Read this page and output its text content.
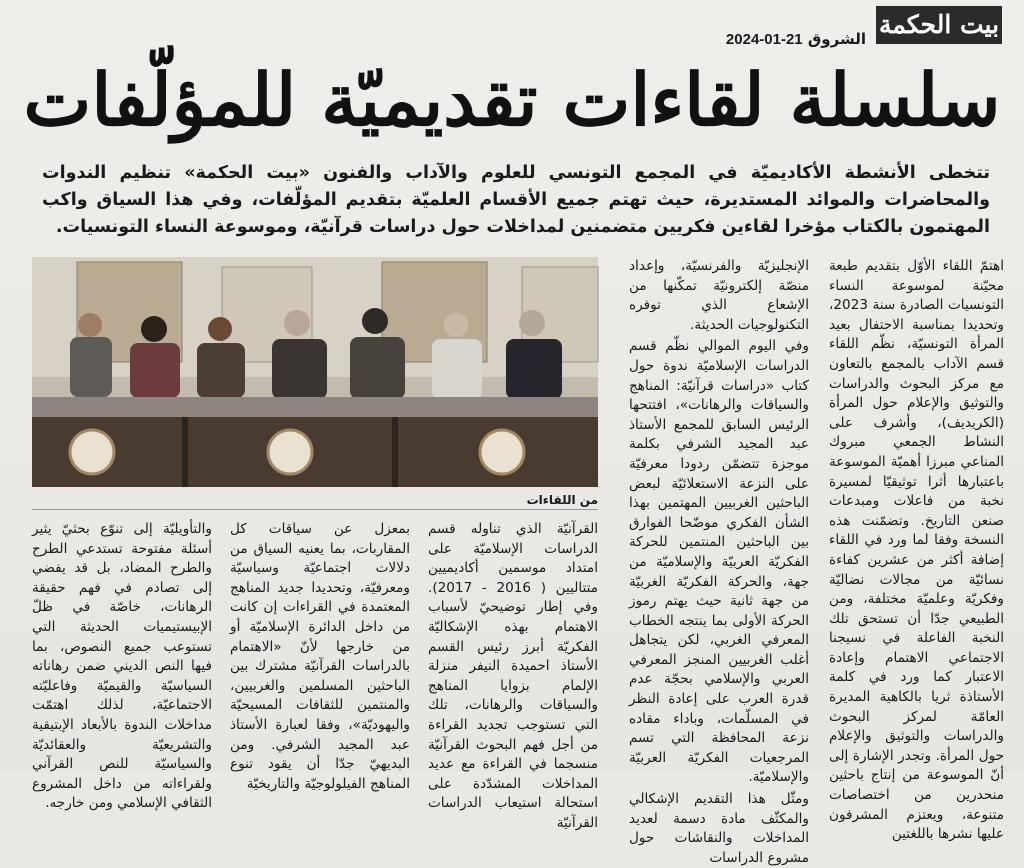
بيت الحكمة
الشروق 2024-01-21
سلسلة لقاءات تقديميّة للمؤلّفات
تتخطى الأنشطة الأكاديميّة في المجمع التونسي للعلوم والآداب والفنون «بيت الحكمة» تنظيم الندوات والمحاضرات والموائد المستديرة، حيث تهتم جميع الأقسام العلميّة بتقديم المؤلّفات، وفي هذا السياق واكب المهتمون بالكتاب مؤخرا لقاءين فكريين متضمنين لمداخلات حول دراسات قرآنيّة، وموسوعة النساء التونسيات.
من اللقاءات

اهتمّ اللقاء الأوّل بتقديم طبعة محيّنة لموسوعة النساء التونسيات الصادرة سنة 2023، وتحديدا بمناسبة الاحتفال بعيد المرأة التونسيّة، نظّم اللقاء قسم الآداب بالمجمع بالتعاون مع مركز البحوث والدراسات والتوثيق والإعلام حول المرأة (الكريديف)، وأشرف على النشاط الجمعي مبروك المناعي مبرزا أهميّة الموسوعة باعتبارها أثرا توثيقيّا لمسيرة نخبة من فاعلات ومبدعات صنعن التاريخ. وتضمّنت هذه النسخة وفقا لما ورد في اللقاء إضافة أكثر من عشرين كفاءة نسائيّة من مجالات نضاليّة وفكريّة وعلميّة مختلفة، ومن الطبيعي جدّا أن تستحق تلك النخبة الفاعلة في نسيجنا الاجتماعي الاهتمام وإعادة الاعتبار كما ورد في كلمة الأستاذة ثريا بالكاهية المديرة العامّة لمركز البحوث والدراسات والتوثيق والإعلام حول المرأة. وتجدر الإشارة إلى أنّ الموسوعة من إنتاج باحثين منحدرين من اختصاصات متنوعة، ويعتزم المشرفون عليها نشرها باللغتين

الإنجليزيّة والفرنسيّة، وإعداد منصّة إلكترونيّة تمكّنها من الإشعاع الذي توفره التكنولوجيات الحديثة.

وفي اليوم الموالي نظّم قسم الدراسات الإسلاميّة ندوة حول كتاب «دراسات قرآنيّة: المناهج والسياقات والرهانات»، افتتحها الرئيس السابق للمجمع الأستاذ عبد المجيد الشرفي بكلمة موجزة تتضمّن ردودا معرفيّة على النزعة الاستعلائيّة لبعض الباحثين الغربيين المهتمين بهذا الشأن الفكري موضّحا الفوارق بين الباحثين المنتمين للحركة الفكريّة العربيّة والإسلاميّة من جهة، والحركة الفكريّة الغربيّة من جهة ثانية حيث يهتم رموز الحركة الأولى بما ينتجه الخطاب المعرفي الغربي، لكن يتجاهل أغلب الغربيين المنجز المعرفي العربي والإسلامي بحجّة عدم قدرة العرب على إعادة النظر في المسلّمات، وباداء مقاده نزعة المحافظة التي تسم المرجعيات الفكريّة العربيّة والإسلاميّة.

ومثّل هذا التقديم الإشكالي والمكثّف مادة دسمة لعديد المداخلات والنقاشات حول مشروع الدراسات

القرآنيّة الذي تناوله قسم الدراسات الإسلاميّة على امتداد موسمين أكاديميين متتاليين ( 2016 - 2017). وفي إطار توضيحيّ لأسباب الاهتمام بهذه الإشكاليّة الفكريّة أبرز رئيس القسم الأستاذ احميدة النيفر منزلة الإلمام بزوايا المناهج والسياقات والرهانات، تلك التي تستوجب تجديد القراءة من أجل فهم البحوث القرآنيّة منسجما في القراءة مع عديد المداخلات المشدّدة على استحالة استيعاب الدراسات القرآنيّة

بمعزل عن سياقات كل المقاربات، بما يعنيه السياق من دلالات اجتماعيّة وسياسيّة ومعرفيّة، وتحديدا جديد المناهج المعتمدة في القراءات إن كانت من داخل الدائرة الإسلاميّة أو من خارجها لأنّ «الاهتمام بالدراسات القرآنيّة مشترك بين الباحثين المسلمين والغربيين، والمنتمين للثقافات المسيحيّة واليهوديّة»، وفقا لعبارة الأستاذ عبد المجيد الشرفي. ومن البديهيّ جدّا أن يقود تنوع المناهج الفيلولوجيّة والتاريخيّة

والتأويليّة إلى تنوّع بحثيّ يثير أسئلة مفتوحة تستدعي الطرح والطرح المضاد، بل قد يفضي إلى تصادم في فهم حقيقة الرهانات، خاصّة في ظلّ الإبيستيميات الحديثة التي تستوعب جميع النصوص، بما فيها النص الديني ضمن رهاناته السياسيّة والقيميّة وفاعليّته الاجتماعيّة، لذلك اهتمّت مداخلات الندوة بالأبعاد الإبتيقية والتشريعيّة والعقائديّة والسياسيّة للنص القرآني ولقراءاته من داخل المشروع الثقافي الإسلامي ومن خارجه.
